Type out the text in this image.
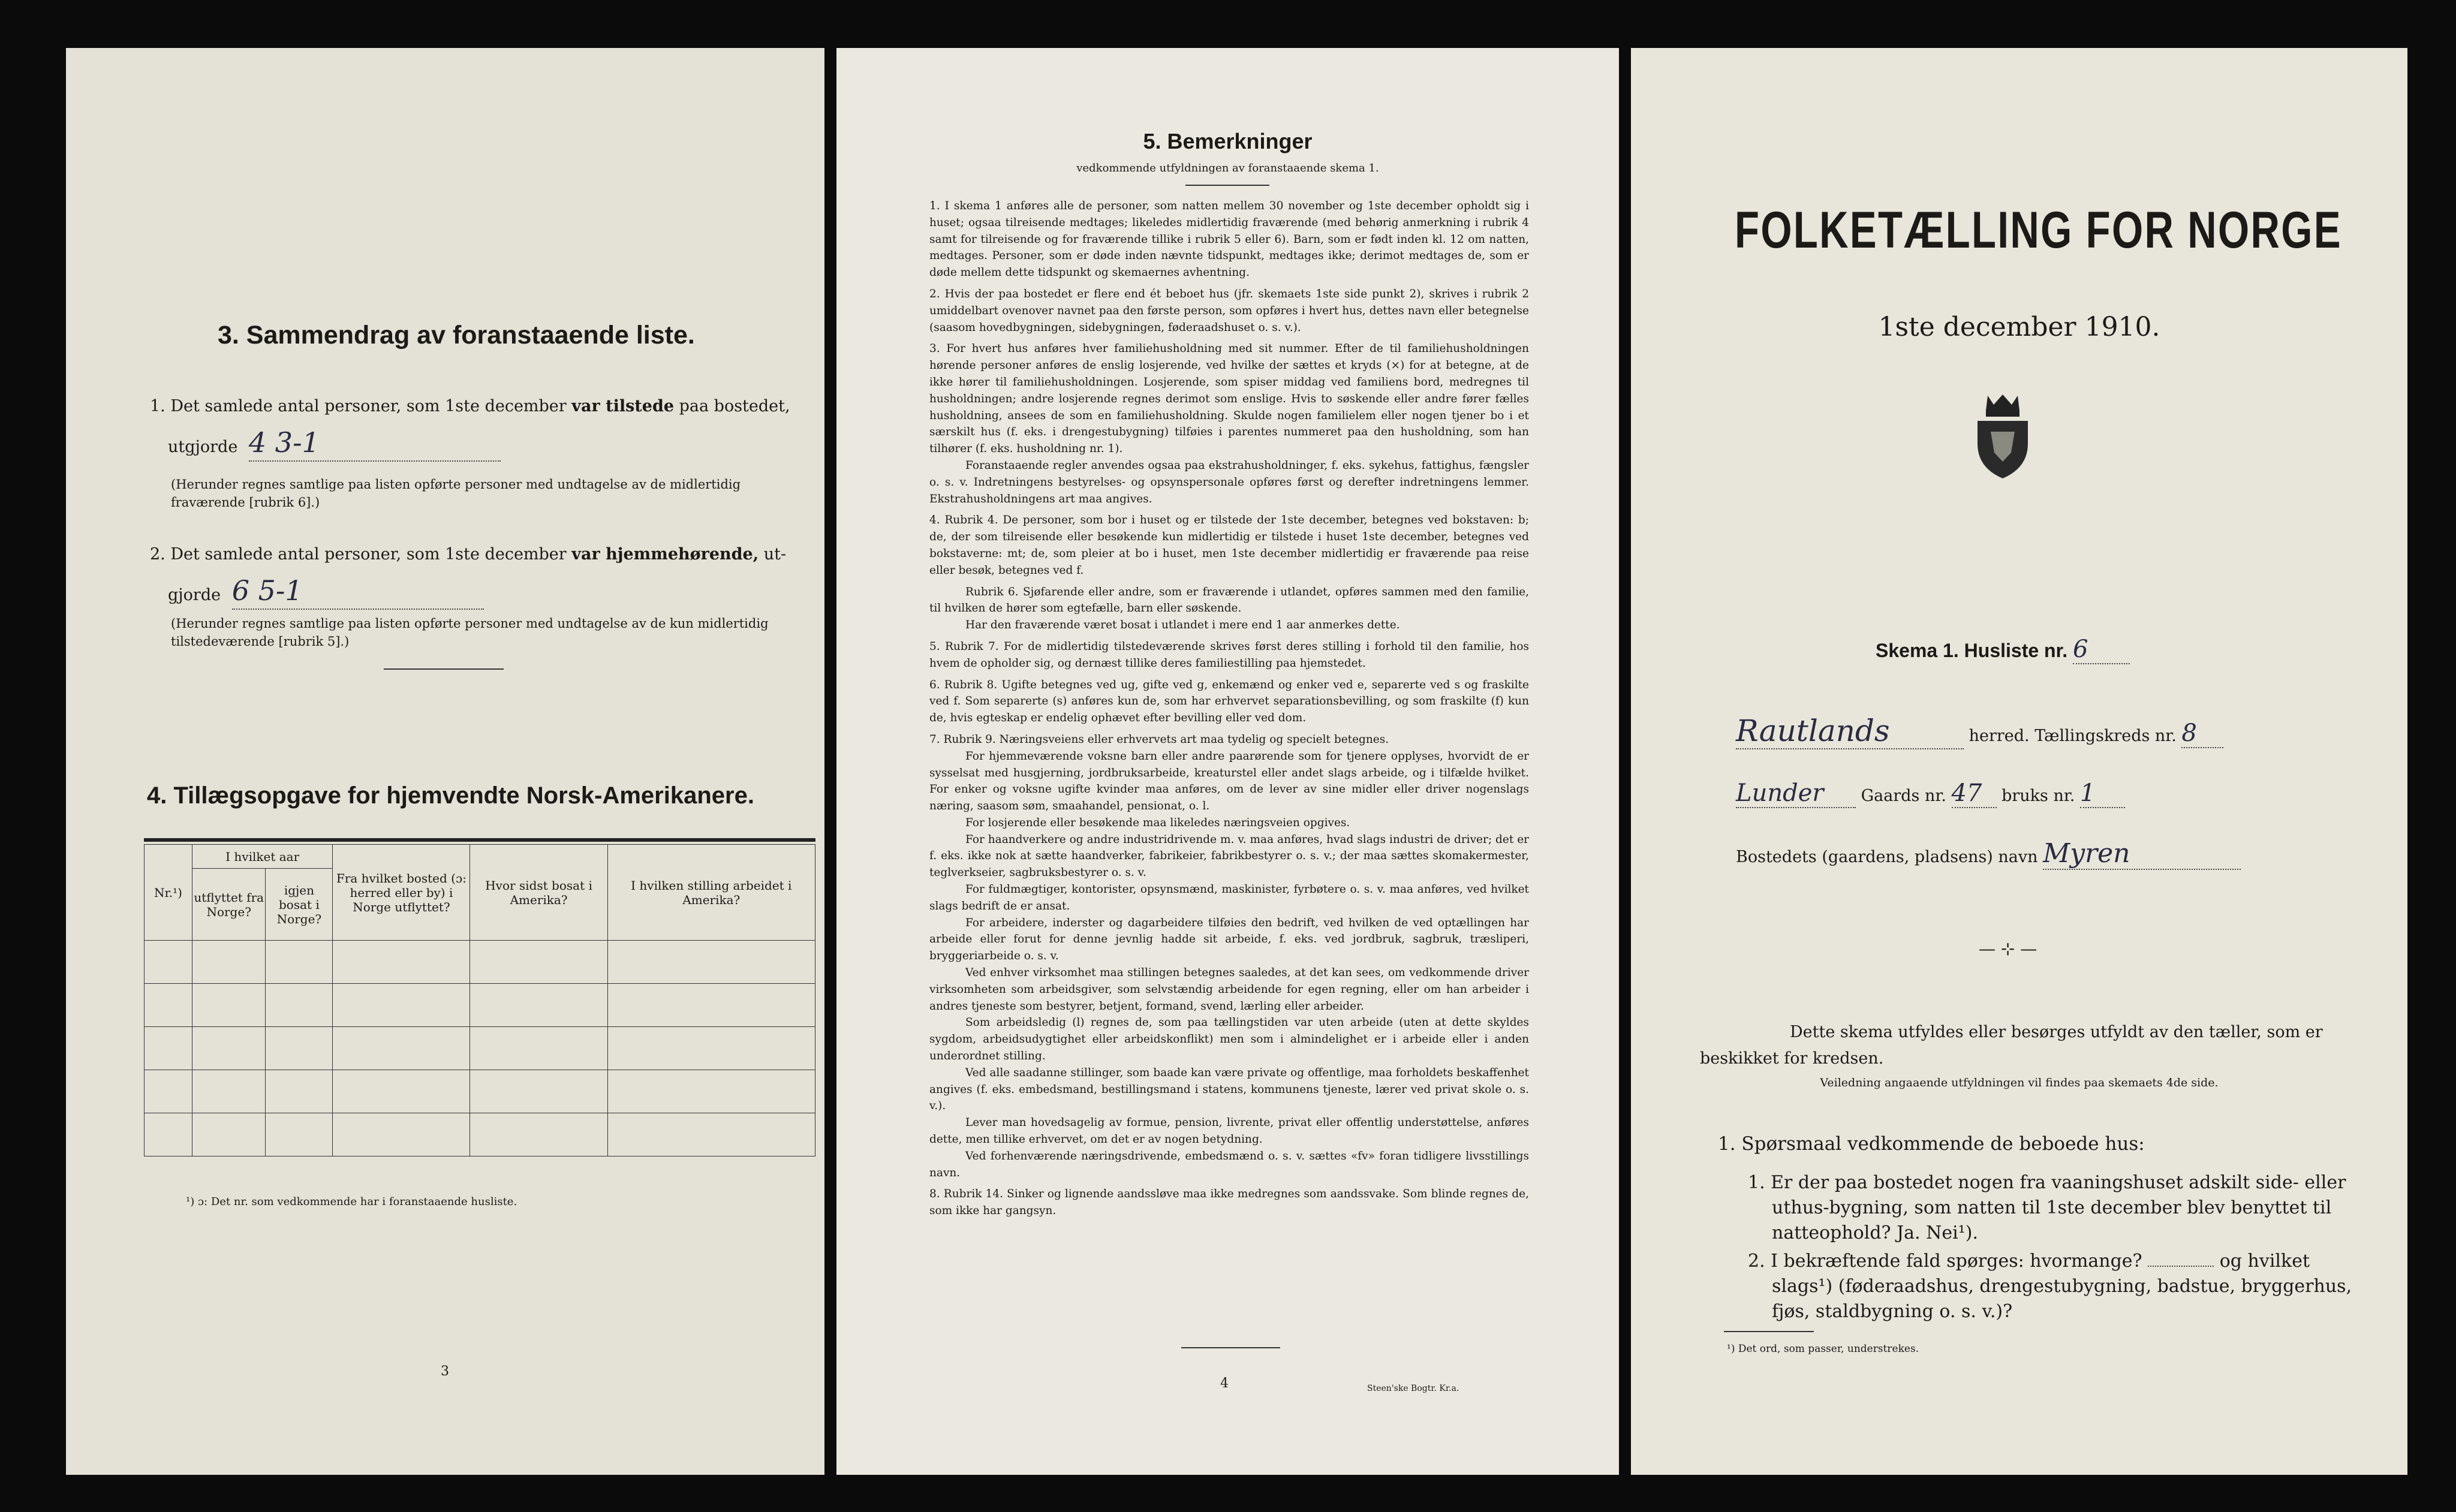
3. Sammendrag av foranstaaende liste.
1. Det samlede antal personer, som 1ste december var tilstede paa bostedet,
utgjorde 4 3-1
(Herunder regnes samtlige paa listen opførte personer med undtagelse av de midlertidig fraværende [rubrik 6].)
2. Det samlede antal personer, som 1ste december var hjemmehørende, ut-
gjorde 6 5-1
(Herunder regnes samtlige paa listen opførte personer med undtagelse av de kun midlertidig tilstedeværende [rubrik 5].)
4. Tillægsopgave for hjemvendte Norsk-Amerikanere.
Nr.¹)	I hvilket aar		Fra hvilket bosted (ɔ: herred eller by) i Norge utflyttet?	Hvor sidst bosat i Amerika?	I hvilken stilling arbeidet i Amerika?
	utflyttet fra Norge?	igjen bosat i Norge?			

¹) ɔ: Det nr. som vedkommende har i foranstaaende husliste.
3
5. Bemerkninger
vedkommende utfyldningen av foranstaaende skema 1.

1. I skema 1 anføres alle de personer, som natten mellem 30 november og 1ste december opholdt sig i huset; ogsaa tilreisende medtages; likeledes midlertidig fraværende (med behørig anmerkning i rubrik 4 samt for tilreisende og for fraværende tillike i rubrik 5 eller 6). Barn, som er født inden kl. 12 om natten, medtages. Personer, som er døde inden nævnte tidspunkt, medtages ikke; derimot medtages de, som er døde mellem dette tidspunkt og skemaernes avhentning.

2. Hvis der paa bostedet er flere end ét beboet hus (jfr. skemaets 1ste side punkt 2), skrives i rubrik 2 umiddelbart ovenover navnet paa den første person, som opføres i hvert hus, dettes navn eller betegnelse (saasom hovedbygningen, sidebygningen, føderaadshuset o. s. v.).

3. For hvert hus anføres hver familiehusholdning med sit nummer. Efter de til familiehusholdningen hørende personer anføres de enslig losjerende, ved hvilke der sættes et kryds (×) for at betegne, at de ikke hører til familiehusholdningen. Losjerende, som spiser middag ved familiens bord, medregnes til husholdningen; andre losjerende regnes derimot som enslige. Hvis to søskende eller andre fører fælles husholdning, ansees de som en familiehusholdning. Skulde nogen familielem eller nogen tjener bo i et særskilt hus (f. eks. i drengestubygning) tilføies i parentes nummeret paa den husholdning, som han tilhører (f. eks. husholdning nr. 1).

Foranstaaende regler anvendes ogsaa paa ekstrahusholdninger, f. eks. sykehus, fattighus, fængsler o. s. v. Indretningens bestyrelses- og opsynspersonale opføres først og derefter indretningens lemmer. Ekstrahusholdningens art maa angives.

4. Rubrik 4. De personer, som bor i huset og er tilstede der 1ste december, betegnes ved bokstaven: b; de, der som tilreisende eller besøkende kun midlertidig er tilstede i huset 1ste december, betegnes ved bokstaverne: mt; de, som pleier at bo i huset, men 1ste december midlertidig er fraværende paa reise eller besøk, betegnes ved f.

Rubrik 6. Sjøfarende eller andre, som er fraværende i utlandet, opføres sammen med den familie, til hvilken de hører som egtefælle, barn eller søskende.

Har den fraværende været bosat i utlandet i mere end 1 aar anmerkes dette.

5. Rubrik 7. For de midlertidig tilstedeværende skrives først deres stilling i forhold til den familie, hos hvem de opholder sig, og dernæst tillike deres familiestilling paa hjemstedet.

6. Rubrik 8. Ugifte betegnes ved ug, gifte ved g, enkemænd og enker ved e, separerte ved s og fraskilte ved f. Som separerte (s) anføres kun de, som har erhvervet separationsbevilling, og som fraskilte (f) kun de, hvis egteskap er endelig ophævet efter bevilling eller ved dom.

7. Rubrik 9. Næringsveiens eller erhvervets art maa tydelig og specielt betegnes.

For hjemmeværende voksne barn eller andre paarørende som for tjenere opplyses, hvorvidt de er sysselsat med husgjerning, jordbruksarbeide, kreaturstel eller andet slags arbeide, og i tilfælde hvilket. For enker og voksne ugifte kvinder maa anføres, om de lever av sine midler eller driver nogenslags næring, saasom søm, smaahandel, pensionat, o. l.

For losjerende eller besøkende maa likeledes næringsveien opgives.

For haandverkere og andre industridrivende m. v. maa anføres, hvad slags industri de driver; det er f. eks. ikke nok at sætte haandverker, fabrikeier, fabrikbestyrer o. s. v.; der maa sættes skomakermester, teglverkseier, sagbruksbestyrer o. s. v.

For fuldmægtiger, kontorister, opsynsmænd, maskinister, fyrbøtere o. s. v. maa anføres, ved hvilket slags bedrift de er ansat.

For arbeidere, inderster og dagarbeidere tilføies den bedrift, ved hvilken de ved optællingen har arbeide eller forut for denne jevnlig hadde sit arbeide, f. eks. ved jordbruk, sagbruk, træsliperi, bryggeriarbeide o. s. v.

Ved enhver virksomhet maa stillingen betegnes saaledes, at det kan sees, om vedkommende driver virksomheten som arbeidsgiver, som selvstændig arbeidende for egen regning, eller om han arbeider i andres tjeneste som bestyrer, betjent, formand, svend, lærling eller arbeider.

Som arbeidsledig (l) regnes de, som paa tællingstiden var uten arbeide (uten at dette skyldes sygdom, arbeidsudygtighet eller arbeidskonflikt) men som i almindelighet er i arbeide eller i anden underordnet stilling.

Ved alle saadanne stillinger, som baade kan være private og offentlige, maa forholdets beskaffenhet angives (f. eks. embedsmand, bestillingsmand i statens, kommunens tjeneste, lærer ved privat skole o. s. v.).

Lever man hovedsagelig av formue, pension, livrente, privat eller offentlig understøttelse, anføres dette, men tillike erhvervet, om det er av nogen betydning.

Ved forhenværende næringsdrivende, embedsmænd o. s. v. sættes «fv» foran tidligere livsstillings navn.

8. Rubrik 14. Sinker og lignende aandssløve maa ikke medregnes som aandssvake. Som blinde regnes de, som ikke har gangsyn.

4	Steen'ske Bogtr. Kr.a.
FOLKETÆLLING FOR NORGE
1ste december 1910.
Skema 1. Husliste nr. 6
Rautlands	herred. Tællingskreds nr. 8
Lunder Gaards nr. 47 bruks nr. 1
Bostedets (gaardens, pladsens) navn Myren
— ⊹ —
Dette skema utfyldes eller besørges utfyldt av den tæller, som er beskikket for kredsen.
Veiledning angaaende utfyldningen vil findes paa skemaets 4de side.
1. Spørsmaal vedkommende de beboede hus:
1. Er der paa bostedet nogen fra vaaningshuset adskilt side- eller uthus-bygning, som natten til 1ste december blev benyttet til natteophold? Ja. Nei¹).
2. I bekræftende fald spørges: hvormange?	og hvilket slags¹) (føderaadshus, drengestubygning, badstue, bryggerhus, fjøs, staldbygning o. s. v.)?
¹) Det ord, som passer, understrekes.
